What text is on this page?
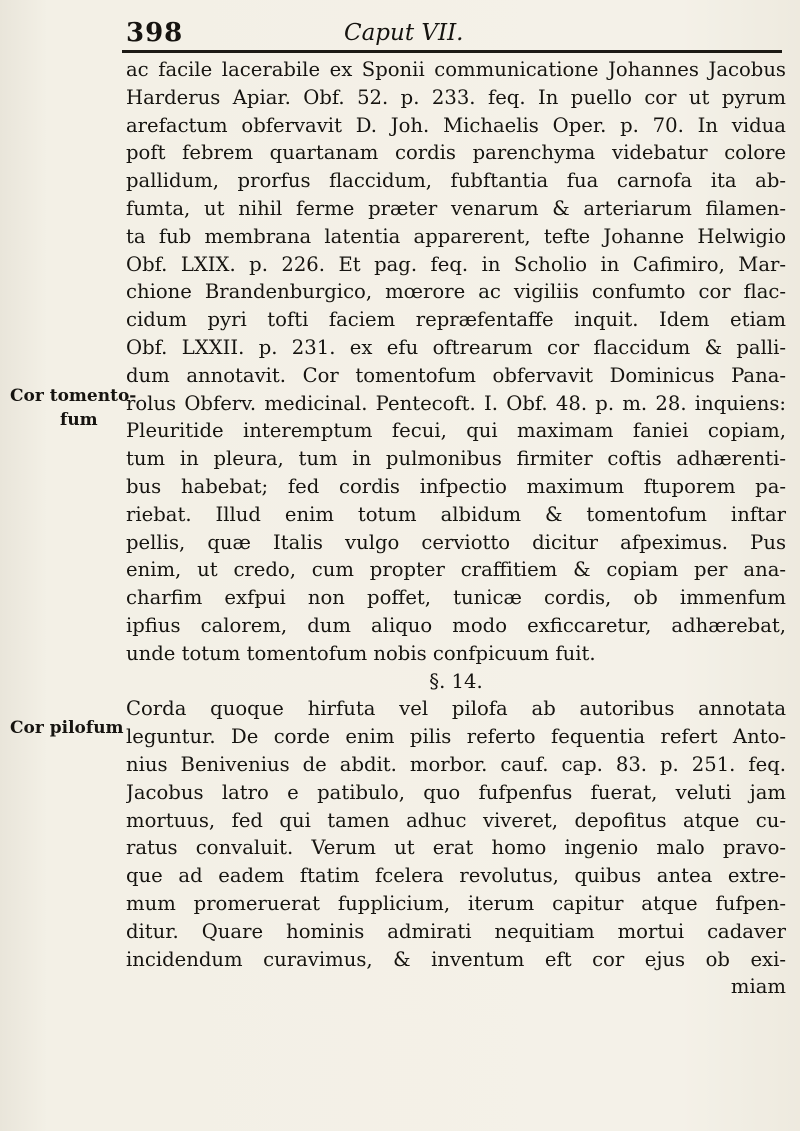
398	Caput VII.
Cor tomento-
fum
Cor pilofum
ac facile lacerabile ex Sponii communicatione Johannes Jacobus
Harderus Apiar. Obf. 52. p. 233. feq. In puello cor ut pyrum
arefactum obfervavit D. Joh. Michaelis Oper. p. 70. In vidua
poft febrem quartanam cordis parenchyma videbatur colore
pallidum, prorfus flaccidum, fubftantia fua carnofa ita ab-
fumta, ut nihil ferme præter venarum & arteriarum filamen-
ta fub membrana latentia apparerent, tefte Johanne Helwigio
Obf. LXIX. p. 226. Et pag. feq. in Scholio in Cafimiro, Mar-
chione Brandenburgico, mœrore ac vigiliis confumto cor flac-
cidum pyri tofti faciem repræfentaffe inquit. Idem etiam
Obf. LXXII. p. 231. ex efu oftrearum cor flaccidum & palli-
dum annotavit. Cor tomentofum obfervavit Dominicus Pana-
rolus Obferv. medicinal. Pentecoft. I. Obf. 48. p. m. 28. inquiens:
Pleuritide interemptum fecui, qui maximam faniei copiam,
tum in pleura, tum in pulmonibus firmiter coftis adhærenti-
bus habebat; fed cordis infpectio maximum ftuporem pa-
riebat. Illud enim totum albidum & tomentofum inftar
pellis, quæ Italis vulgo cerviotto dicitur afpeximus. Pus
enim, ut credo, cum propter craffitiem & copiam per ana-
charfim exfpui non poffet, tunicæ cordis, ob immenfum
ipfius calorem, dum aliquo modo exficcaretur, adhærebat,
unde totum tomentofum nobis confpicuum fuit.
§. 14.
Corda quoque hirfuta vel pilofa ab autoribus annotata
leguntur. De corde enim pilis referto fequentia refert Anto-
nius Benivenius de abdit. morbor. cauf. cap. 83. p. 251. feq.
Jacobus latro e patibulo, quo fufpenfus fuerat, veluti jam
mortuus, fed qui tamen adhuc viveret, depofitus atque cu-
ratus convaluit. Verum ut erat homo ingenio malo pravo-
que ad eadem ftatim fcelera revolutus, quibus antea extre-
mum promeruerat fupplicium, iterum capitur atque fufpen-
ditur. Quare hominis admirati nequitiam mortui cadaver
incidendum curavimus, & inventum eft cor ejus ob exi-
miam
